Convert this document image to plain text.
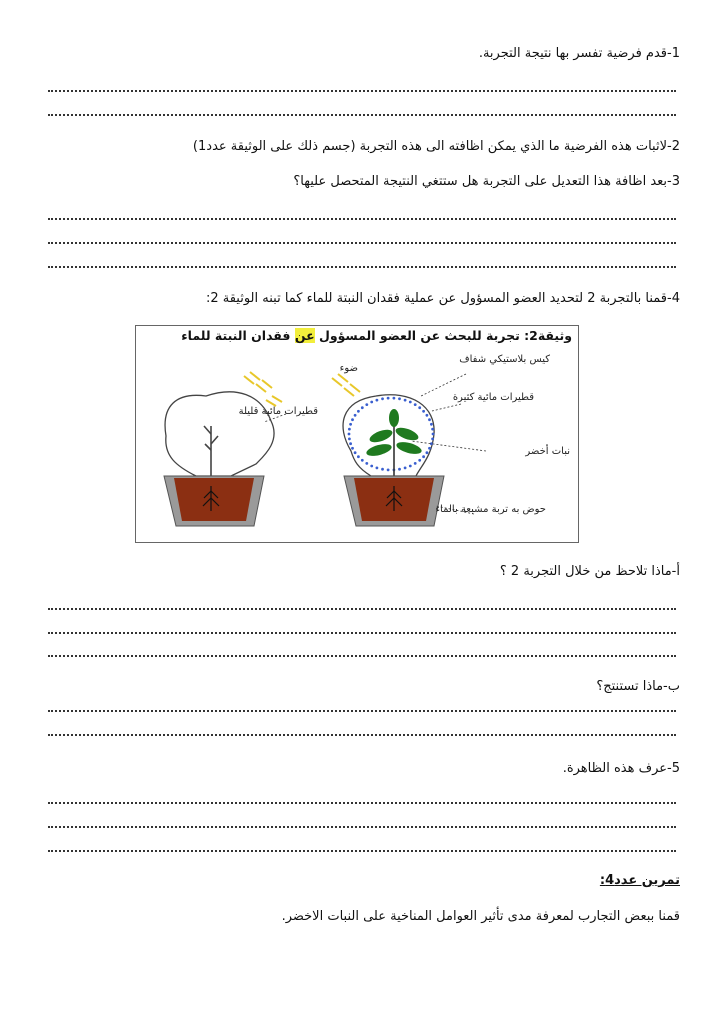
1-قدم فرضية تفسر بها نتيجة التجربة.
2-لاثبات هذه الفرضية ما الذي يمكن اظافته الى هذه التجربة (جسم ذلك على الوثيقة عدد1)
3-بعد اظافة هذا التعديل على التجربة هل ستتغي النتيجة المتحصل عليها؟
4-قمنا بالتجربة 2 لتحديد العضو المسؤول عن عملية فقدان النبتة للماء كما تبنه الوثيقة 2:
وثيقة2: تجربة للبحث عن العضو المسؤول عن فقدان النبتة للماء
ضوء
كيس بلاستيكي شفاف
قطيرات مائية كثيرة
قطيرات مائية قليلة
نبات أخضر
حوض به تربة مشبعة بالماء
أ-ماذا تلاحظ من خلال التجربة 2 ؟
ب-ماذا تستنتج؟
5-عرف هذه الظاهرة.
تمرين عدد4:
قمنا ببعض التجارب لمعرفة مدى تأثير العوامل المناخية على النبات الاخضر.
